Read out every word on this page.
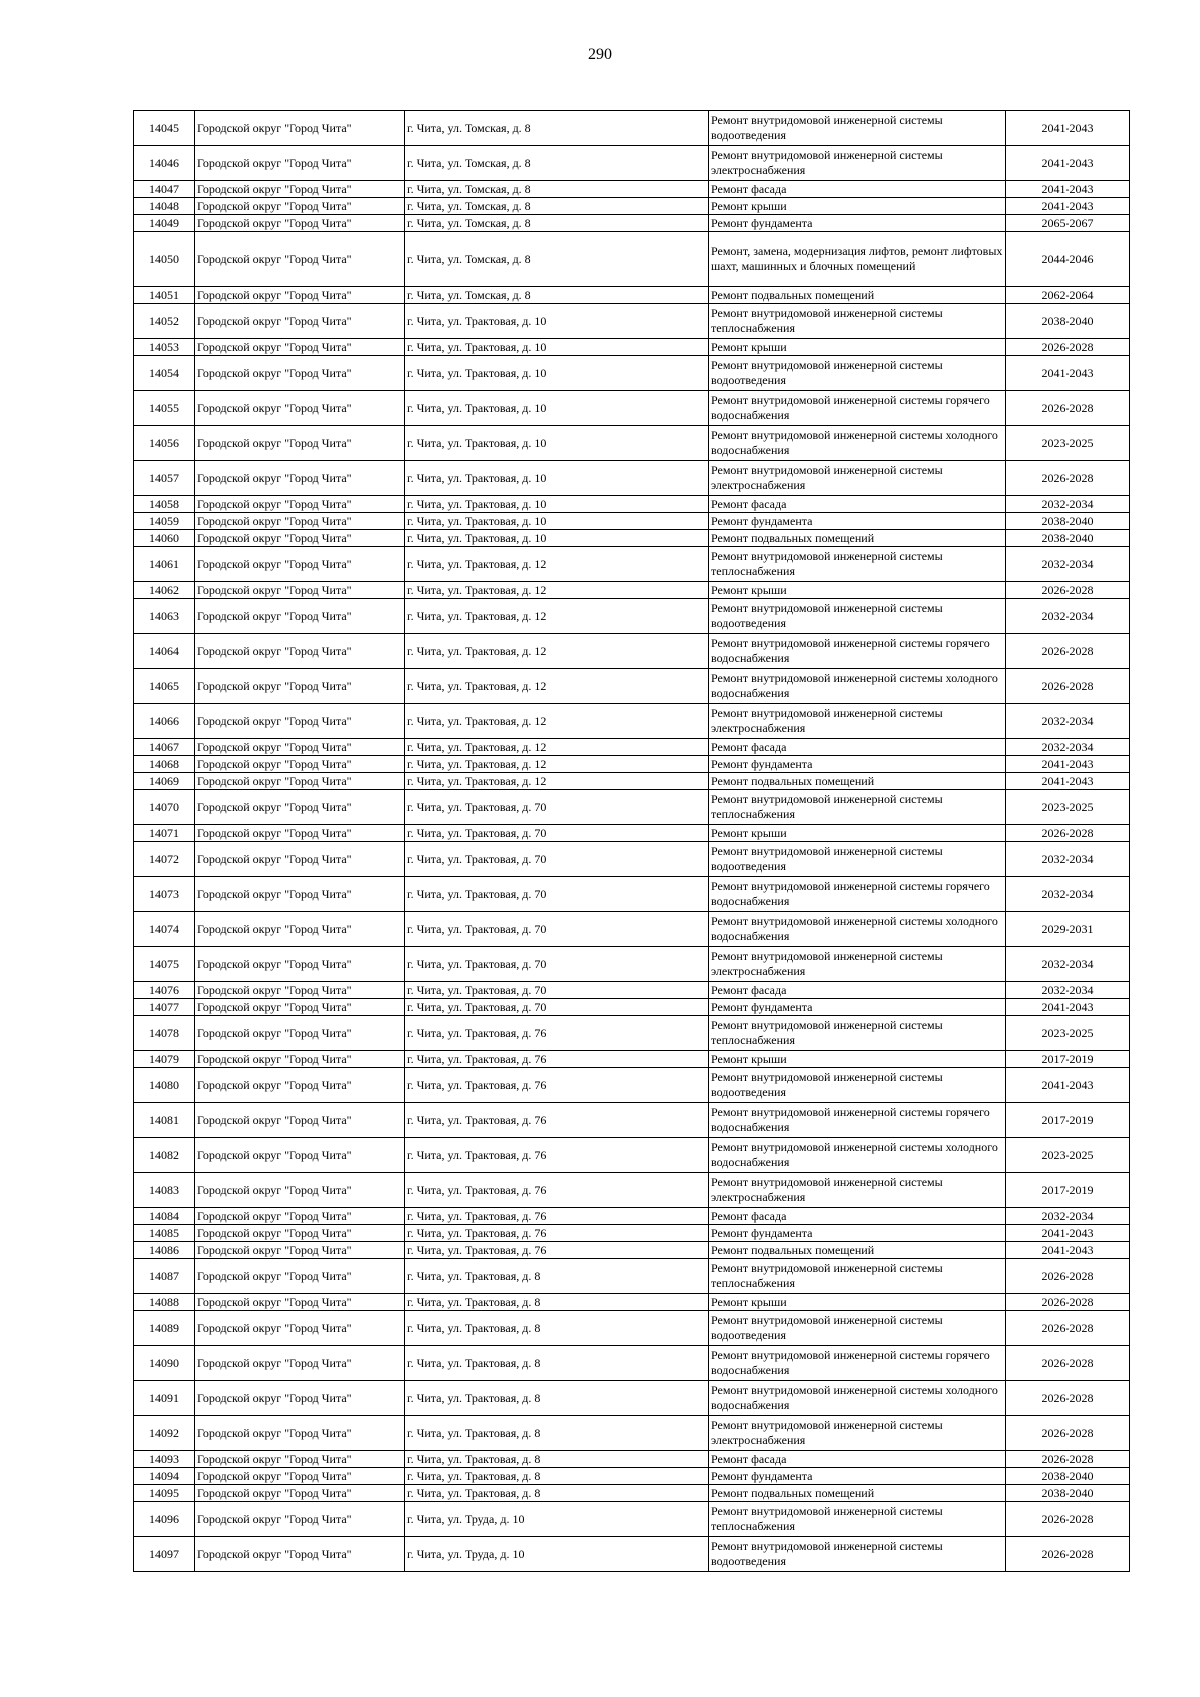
290
14045	Городской округ "Город Чита"	г. Чита, ул. Томская, д. 8	Ремонт внутридомовой инженерной системы водоотведения	2041-2043
14046	Городской округ "Город Чита"	г. Чита, ул. Томская, д. 8	Ремонт внутридомовой инженерной системы электроснабжения	2041-2043
14047	Городской округ "Город Чита"	г. Чита, ул. Томская, д. 8	Ремонт фасада	2041-2043
14048	Городской округ "Город Чита"	г. Чита, ул. Томская, д. 8	Ремонт крыши	2041-2043
14049	Городской округ "Город Чита"	г. Чита, ул. Томская, д. 8	Ремонт фундамента	2065-2067
14050	Городской округ "Город Чита"	г. Чита, ул. Томская, д. 8	Ремонт, замена, модернизация лифтов, ремонт лифтовых шахт, машинных и блочных помещений	2044-2046
14051	Городской округ "Город Чита"	г. Чита, ул. Томская, д. 8	Ремонт подвальных помещений	2062-2064
14052	Городской округ "Город Чита"	г. Чита, ул. Трактовая, д. 10	Ремонт внутридомовой инженерной системы теплоснабжения	2038-2040
14053	Городской округ "Город Чита"	г. Чита, ул. Трактовая, д. 10	Ремонт крыши	2026-2028
14054	Городской округ "Город Чита"	г. Чита, ул. Трактовая, д. 10	Ремонт внутридомовой инженерной системы водоотведения	2041-2043
14055	Городской округ "Город Чита"	г. Чита, ул. Трактовая, д. 10	Ремонт внутридомовой инженерной системы горячего водоснабжения	2026-2028
14056	Городской округ "Город Чита"	г. Чита, ул. Трактовая, д. 10	Ремонт внутридомовой инженерной системы холодного водоснабжения	2023-2025
14057	Городской округ "Город Чита"	г. Чита, ул. Трактовая, д. 10	Ремонт внутридомовой инженерной системы электроснабжения	2026-2028
14058	Городской округ "Город Чита"	г. Чита, ул. Трактовая, д. 10	Ремонт фасада	2032-2034
14059	Городской округ "Город Чита"	г. Чита, ул. Трактовая, д. 10	Ремонт фундамента	2038-2040
14060	Городской округ "Город Чита"	г. Чита, ул. Трактовая, д. 10	Ремонт подвальных помещений	2038-2040
14061	Городской округ "Город Чита"	г. Чита, ул. Трактовая, д. 12	Ремонт внутридомовой инженерной системы теплоснабжения	2032-2034
14062	Городской округ "Город Чита"	г. Чита, ул. Трактовая, д. 12	Ремонт крыши	2026-2028
14063	Городской округ "Город Чита"	г. Чита, ул. Трактовая, д. 12	Ремонт внутридомовой инженерной системы водоотведения	2032-2034
14064	Городской округ "Город Чита"	г. Чита, ул. Трактовая, д. 12	Ремонт внутридомовой инженерной системы горячего водоснабжения	2026-2028
14065	Городской округ "Город Чита"	г. Чита, ул. Трактовая, д. 12	Ремонт внутридомовой инженерной системы холодного водоснабжения	2026-2028
14066	Городской округ "Город Чита"	г. Чита, ул. Трактовая, д. 12	Ремонт внутридомовой инженерной системы электроснабжения	2032-2034
14067	Городской округ "Город Чита"	г. Чита, ул. Трактовая, д. 12	Ремонт фасада	2032-2034
14068	Городской округ "Город Чита"	г. Чита, ул. Трактовая, д. 12	Ремонт фундамента	2041-2043
14069	Городской округ "Город Чита"	г. Чита, ул. Трактовая, д. 12	Ремонт подвальных помещений	2041-2043
14070	Городской округ "Город Чита"	г. Чита, ул. Трактовая, д. 70	Ремонт внутридомовой инженерной системы теплоснабжения	2023-2025
14071	Городской округ "Город Чита"	г. Чита, ул. Трактовая, д. 70	Ремонт крыши	2026-2028
14072	Городской округ "Город Чита"	г. Чита, ул. Трактовая, д. 70	Ремонт внутридомовой инженерной системы водоотведения	2032-2034
14073	Городской округ "Город Чита"	г. Чита, ул. Трактовая, д. 70	Ремонт внутридомовой инженерной системы горячего водоснабжения	2032-2034
14074	Городской округ "Город Чита"	г. Чита, ул. Трактовая, д. 70	Ремонт внутридомовой инженерной системы холодного водоснабжения	2029-2031
14075	Городской округ "Город Чита"	г. Чита, ул. Трактовая, д. 70	Ремонт внутридомовой инженерной системы электроснабжения	2032-2034
14076	Городской округ "Город Чита"	г. Чита, ул. Трактовая, д. 70	Ремонт фасада	2032-2034
14077	Городской округ "Город Чита"	г. Чита, ул. Трактовая, д. 70	Ремонт фундамента	2041-2043
14078	Городской округ "Город Чита"	г. Чита, ул. Трактовая, д. 76	Ремонт внутридомовой инженерной системы теплоснабжения	2023-2025
14079	Городской округ "Город Чита"	г. Чита, ул. Трактовая, д. 76	Ремонт крыши	2017-2019
14080	Городской округ "Город Чита"	г. Чита, ул. Трактовая, д. 76	Ремонт внутридомовой инженерной системы водоотведения	2041-2043
14081	Городской округ "Город Чита"	г. Чита, ул. Трактовая, д. 76	Ремонт внутридомовой инженерной системы горячего водоснабжения	2017-2019
14082	Городской округ "Город Чита"	г. Чита, ул. Трактовая, д. 76	Ремонт внутридомовой инженерной системы холодного водоснабжения	2023-2025
14083	Городской округ "Город Чита"	г. Чита, ул. Трактовая, д. 76	Ремонт внутридомовой инженерной системы электроснабжения	2017-2019
14084	Городской округ "Город Чита"	г. Чита, ул. Трактовая, д. 76	Ремонт фасада	2032-2034
14085	Городской округ "Город Чита"	г. Чита, ул. Трактовая, д. 76	Ремонт фундамента	2041-2043
14086	Городской округ "Город Чита"	г. Чита, ул. Трактовая, д. 76	Ремонт подвальных помещений	2041-2043
14087	Городской округ "Город Чита"	г. Чита, ул. Трактовая, д. 8	Ремонт внутридомовой инженерной системы теплоснабжения	2026-2028
14088	Городской округ "Город Чита"	г. Чита, ул. Трактовая, д. 8	Ремонт крыши	2026-2028
14089	Городской округ "Город Чита"	г. Чита, ул. Трактовая, д. 8	Ремонт внутридомовой инженерной системы водоотведения	2026-2028
14090	Городской округ "Город Чита"	г. Чита, ул. Трактовая, д. 8	Ремонт внутридомовой инженерной системы горячего водоснабжения	2026-2028
14091	Городской округ "Город Чита"	г. Чита, ул. Трактовая, д. 8	Ремонт внутридомовой инженерной системы холодного водоснабжения	2026-2028
14092	Городской округ "Город Чита"	г. Чита, ул. Трактовая, д. 8	Ремонт внутридомовой инженерной системы электроснабжения	2026-2028
14093	Городской округ "Город Чита"	г. Чита, ул. Трактовая, д. 8	Ремонт фасада	2026-2028
14094	Городской округ "Город Чита"	г. Чита, ул. Трактовая, д. 8	Ремонт фундамента	2038-2040
14095	Городской округ "Город Чита"	г. Чита, ул. Трактовая, д. 8	Ремонт подвальных помещений	2038-2040
14096	Городской округ "Город Чита"	г. Чита, ул. Труда, д. 10	Ремонт внутридомовой инженерной системы теплоснабжения	2026-2028
14097	Городской округ "Город Чита"	г. Чита, ул. Труда, д. 10	Ремонт внутридомовой инженерной системы водоотведения	2026-2028
